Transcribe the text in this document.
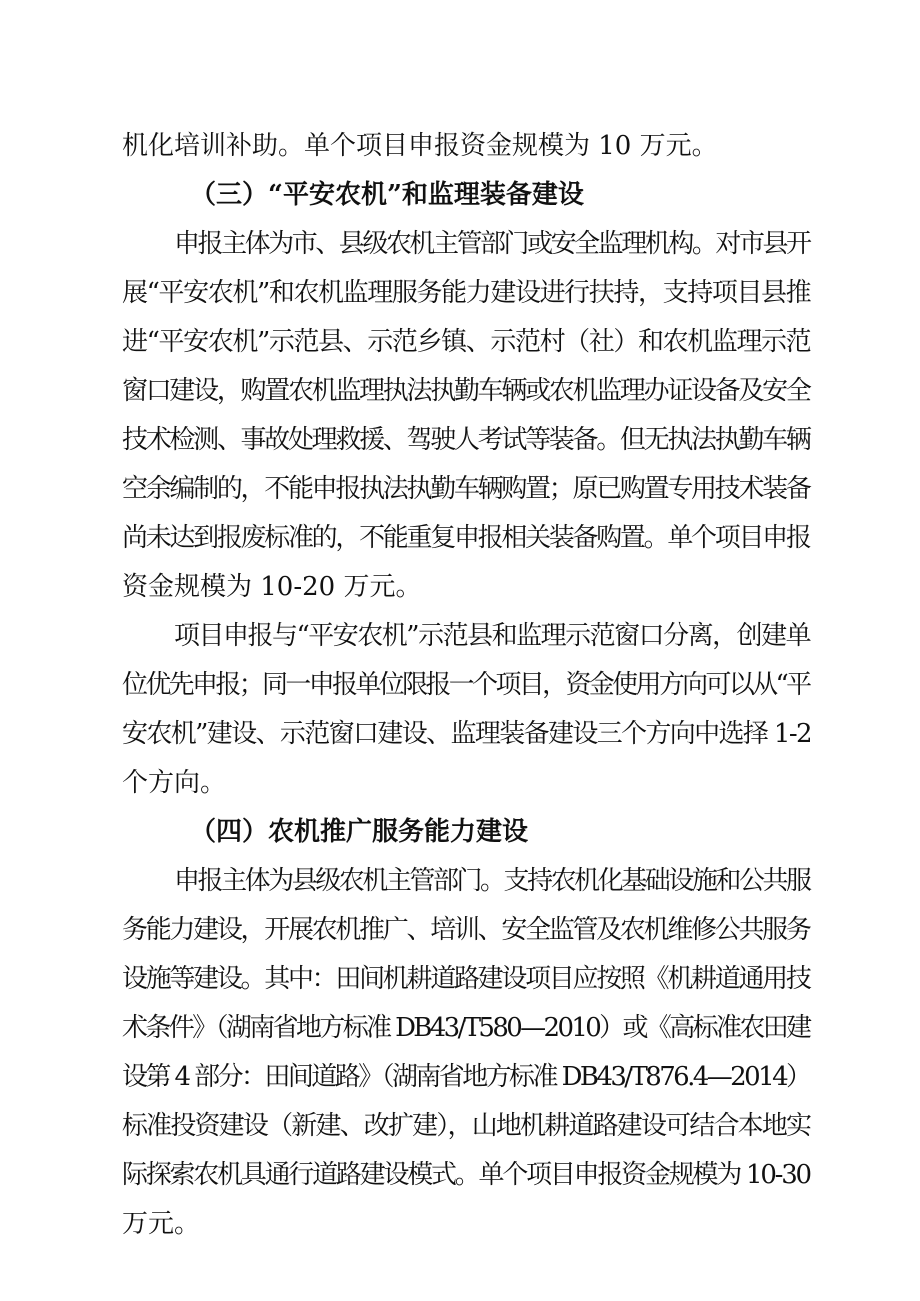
机化培训补助。单个项目申报资金规模为 10 万元。
（三）“平安农机”和监理装备建设
申报主体为市、县级农机主管部门或安全监理机构。对市县开
展“平安农机”和农机监理服务能力建设进行扶持，支持项目县推
进“平安农机”示范县、示范乡镇、示范村（社）和农机监理示范
窗口建设，购置农机监理执法执勤车辆或农机监理办证设备及安全
技术检测、事故处理救援、驾驶人考试等装备。但无执法执勤车辆
空余编制的，不能申报执法执勤车辆购置；原已购置专用技术装备
尚未达到报废标准的，不能重复申报相关装备购置。单个项目申报
资金规模为 10-20 万元。
项目申报与“平安农机”示范县和监理示范窗口分离，创建单
位优先申报；同一申报单位限报一个项目，资金使用方向可以从“平
安农机”建设、示范窗口建设、监理装备建设三个方向中选择 1-2
个方向。
（四）农机推广服务能力建设
申报主体为县级农机主管部门。支持农机化基础设施和公共服
务能力建设，开展农机推广、培训、安全监管及农机维修公共服务
设施等建设。其中：田间机耕道路建设项目应按照《机耕道通用技
术条件》（湖南省地方标准 DB43/T580—2010）或《高标准农田建
设第 4 部分：田间道路》（湖南省地方标准 DB43/T876.4—2014）
标准投资建设（新建、改扩建），山地机耕道路建设可结合本地实
际探索农机具通行道路建设模式。单个项目申报资金规模为 10-30
万元。
